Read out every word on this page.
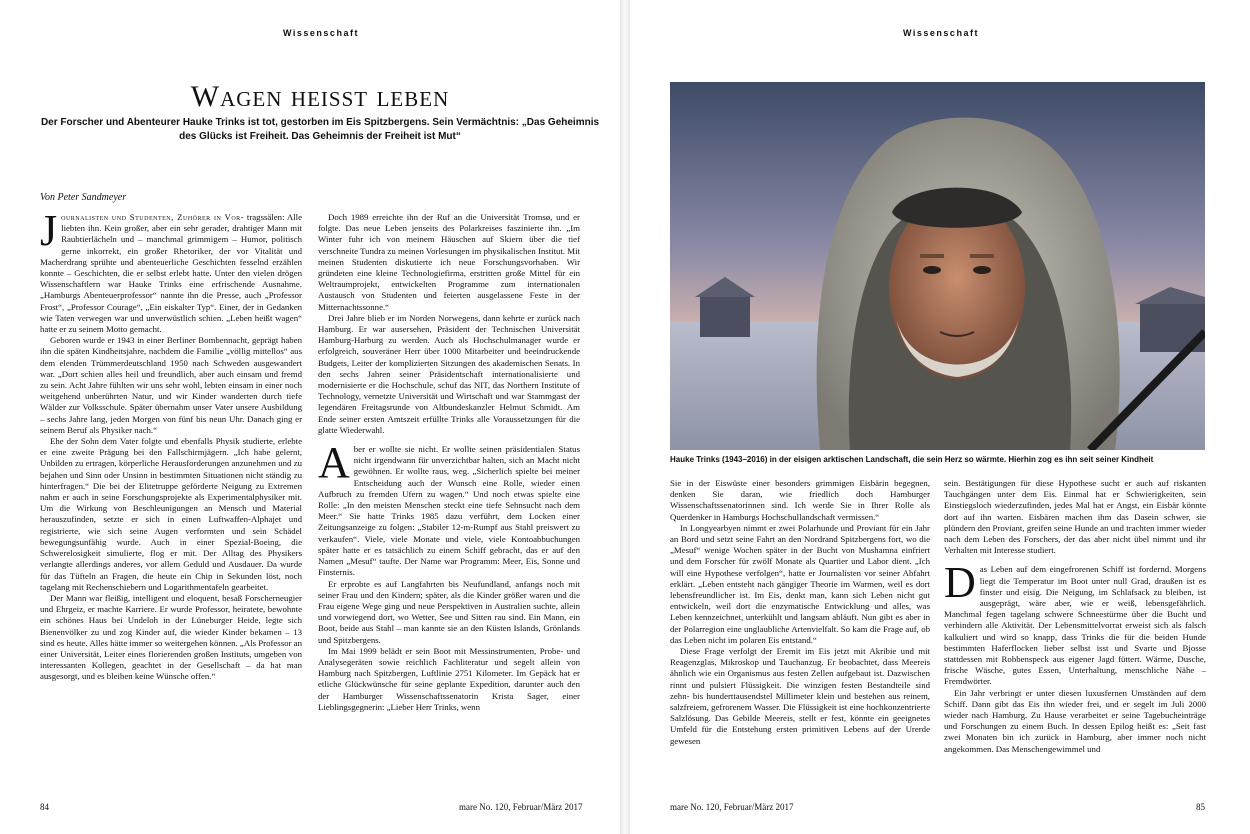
Wissenschaft
Wagen heisst leben
Der Forscher und Abenteurer Hauke Trinks ist tot, gestorben im Eis Spitzbergens. Sein Vermächtnis: „Das Geheimnis des Glücks ist Freiheit. Das Geheimnis der Freiheit ist Mut“
Von Peter Sandmeyer

Journalisten und Studenten, Zuhörer in Vor- tragssälen: Alle liebten ihn. Kein großer, aber ein sehr gerader, drahtiger Mann mit Raubtierlächeln und – manchmal grimmigem – Humor, politisch gerne inkorrekt, ein großer Rhetoriker, der vor Vitalität und Macherdrang sprühte und abenteuerliche Geschichten fesselnd erzählen konnte – Geschichten, die er selbst erlebt hatte. Unter den vielen drögen Wissenschaftlern war Hauke Trinks eine erfrischende Ausnahme. „Hamburgs Abenteuerprofessor“ nannte ihn die Presse, auch „Professor Frost“, „Professor Courage“, „Ein eiskalter Typ“. Einer, der in Gedanken wie Taten verwegen war und unverwüstlich schien. „Leben heißt wagen“ hatte er zu seinem Motto gemacht.

Geboren wurde er 1943 in einer Berliner Bombennacht, geprägt haben ihn die späten Kindheitsjahre, nachdem die Familie „völlig mittellos“ aus dem elenden Trümmerdeutschland 1950 nach Schweden ausgewandert war. „Dort schien alles heil und freundlich, aber auch einsam und fremd zu sein. Acht Jahre fühlten wir uns sehr wohl, lebten einsam in einer noch weitgehend unberührten Natur, und wir Kinder wanderten durch tiefe Wälder zur Volksschule. Später übernahm unser Vater unsere Ausbildung – sechs Jahre lang, jeden Morgen von fünf bis neun Uhr. Danach ging er seinem Beruf als Physiker nach.“

Ehe der Sohn dem Vater folgte und ebenfalls Physik studierte, erlebte er eine zweite Prägung bei den Fallschirmjägern. „Ich habe gelernt, Unbilden zu ertragen, körperliche Herausforderungen anzunehmen und zu bejahen und Sinn oder Unsinn in bestimmten Situationen nicht ständig zu hinterfragen.“ Die bei der Elitetruppe geförderte Neigung zu Extremen nahm er auch in seine Forschungsprojekte als Experimentalphysiker mit. Um die Wirkung von Beschleunigungen an Mensch und Material herauszufinden, setzte er sich in einen Luftwaffen-Alphajet und registrierte, wie sich seine Augen verformten und sein Schädel bewegungsunfähig wurde. Auch in einer Spezial-Boeing, die Schwerelosigkeit simulierte, flog er mit. Der Alltag des Physikers verlangte allerdings anderes, vor allem Geduld und Ausdauer. Da wurde für das Tüfteln an Fragen, die heute ein Chip in Sekunden löst, noch tagelang mit Rechenschiebern und Logarithmentafeln gearbeitet.

Der Mann war fleißig, intelligent und eloquent, besaß Forscherneugier und Ehrgeiz, er machte Karriere. Er wurde Professor, heiratete, bewohnte ein schönes Haus bei Undeloh in der Lüneburger Heide, legte sich Bienenvölker zu und zog Kinder auf, die wieder Kinder bekamen – 13 sind es heute. Alles hätte immer so weitergehen können. „Als Professor an einer Universität, Leiter eines florierenden großen Instituts, umgeben von interessanten Kollegen, geachtet in der Gesellschaft – da hat man ausgesorgt, und es bleiben keine Wünsche offen.“

Doch 1989 erreichte ihn der Ruf an die Universität Tromsø, und er folgte. Das neue Leben jenseits des Polarkreises faszinierte ihn. „Im Winter fuhr ich von meinem Häuschen auf Skiern über die tief verschneite Tundra zu meinen Vorlesungen im physikalischen Institut. Mit meinen Studenten diskutierte ich neue Forschungsvorhaben. Wir gründeten eine kleine Technologiefirma, erstritten große Mittel für ein Weltraumprojekt, entwickelten Programme zum internationalen Austausch von Studenten und feierten ausgelassene Feste in der Mitternachtssonne.“

Drei Jahre blieb er im Norden Norwegens, dann kehrte er zurück nach Hamburg. Er war ausersehen, Präsident der Technischen Universität Hamburg-Harburg zu werden. Auch als Hochschulmanager wurde er erfolgreich, souveräner Herr über 1000 Mitarbeiter und beeindruckende Budgets, Leiter der komplizierten Sitzungen des akademischen Senats. In den sechs Jahren seiner Präsidentschaft internationalisierte und modernisierte er die Hochschule, schuf das NIT, das Northern Institute of Technology, vernetzte Universität und Wirtschaft und war Stammgast der legendären Freitagsrunde von Altbundeskanzler Helmut Schmidt. Am Ende seiner ersten Amtszeit erfüllte Trinks alle Voraussetzungen für die glatte Wiederwahl.

Aber er wollte sie nicht. Er wollte seinen präsidentialen Status nicht irgendwann für unverzichtbar halten, sich an Macht nicht gewöhnen. Er wollte raus, weg. „Sicherlich spielte bei meiner Entscheidung auch der Wunsch eine Rolle, wieder einen Aufbruch zu fremden Ufern zu wagen.“ Und noch etwas spielte eine Rolle: „In den meisten Menschen steckt eine tiefe Sehnsucht nach dem Meer.“ Sie hatte Trinks 1985 dazu verführt, dem Locken einer Zeitungsanzeige zu folgen: „Stabiler 12-m-Rumpf aus Stahl preiswert zu verkaufen“. Viele, viele Monate und viele, viele Kontoabbuchungen später hatte er es tatsächlich zu einem Schiff gebracht, das er auf den Namen „Mesuf“ taufte. Der Name war Programm: Meer, Eis, Sonne und Finsternis.

Er erprobte es auf Langfahrten bis Neufundland, anfangs noch mit seiner Frau und den Kindern; später, als die Kinder größer waren und die Frau eigene Wege ging und neue Perspektiven in Australien suchte, allein und vorwiegend dort, wo Wetter, See und Sitten rau sind. Ein Mann, ein Boot, beide aus Stahl – man kannte sie an den Küsten Islands, Grönlands und Spitzbergens.

Im Mai 1999 belädt er sein Boot mit Messinstrumenten, Probe- und Analysegeräten sowie reichlich Fachliteratur und segelt allein von Hamburg nach Spitzbergen, Luftlinie 2751 Kilometer. Im Gepäck hat er etliche Glückwünsche für seine geplante Expedition, darunter auch den der Hamburger Wissenschaftssenatorin Krista Sager, einer Lieblingsgegnerin: „Lieber Herr Trinks, wenn

84	mare No. 120, Februar/März 2017
Wissenschaft
Hauke Trinks (1943–2016) in der eisigen arktischen Landschaft, die sein Herz so wärmte. Hierhin zog es ihn seit seiner Kindheit

Sie in der Eiswüste einer besonders grimmigen Eisbärin begegnen, denken Sie daran, wie friedlich doch Hamburger Wissenschaftssenatorinnen sind. Ich werde Sie in Ihrer Rolle als Querdenker in Hamburgs Hochschullandschaft vermissen.“

In Longyearbyen nimmt er zwei Polarhunde und Proviant für ein Jahr an Bord und setzt seine Fahrt an den Nordrand Spitzbergens fort, wo die „Mesuf“ wenige Wochen später in der Bucht von Mushamna einfriert und dem Forscher für zwölf Monate als Quartier und Labor dient. „Ich will eine Hypothese verfolgen“, hatte er Journalisten vor seiner Abfahrt erklärt. „Leben entsteht nach gängiger Theorie im Warmen, weil es dort lebensfreundlicher ist. Im Eis, denkt man, kann sich Leben nicht gut entwickeln, weil dort die enzymatische Entwicklung und alles, was Leben kennzeichnet, unterkühlt und langsam abläuft. Nun gibt es aber in der Polarregion eine unglaubliche Artenvielfalt. So kam die Frage auf, ob das Leben nicht im polaren Eis entstand.“

Diese Frage verfolgt der Eremit im Eis jetzt mit Akribie und mit Reagenzglas, Mikroskop und Tauchanzug. Er beobachtet, dass Meereis ähnlich wie ein Organismus aus festen Zellen aufgebaut ist. Dazwischen rinnt und pulsiert Flüssigkeit. Die winzigen festen Bestandteile sind zehn- bis hunderttausendstel Millimeter klein und bestehen aus reinem, salzfreiem, gefrorenem Wasser. Die Flüssigkeit ist eine hochkonzentrierte Salzlösung. Das Gebilde Meereis, stellt er fest, könnte ein geeignetes Umfeld für die Entstehung ersten primitiven Lebens auf der Urerde gewesen

sein. Bestätigungen für diese Hypothese sucht er auch auf riskanten Tauchgängen unter dem Eis. Einmal hat er Schwierigkeiten, sein Einstiegsloch wiederzufinden, jedes Mal hat er Angst, ein Eisbär könnte dort auf ihn warten. Eisbären machen ihm das Dasein schwer, sie plündern den Proviant, greifen seine Hunde an und trachten immer wieder nach dem Leben des Forschers, der das aber nicht übel nimmt und ihr Verhalten mit Interesse studiert.

Das Leben auf dem eingefrorenen Schiff ist fordernd. Morgens liegt die Temperatur im Boot unter null Grad, draußen ist es finster und eisig. Die Neigung, im Schlafsack zu bleiben, ist ausgeprägt, wäre aber, wie er weiß, lebensgefährlich. Manchmal fegen tagelang schwere Schneestürme über die Bucht und verhindern alle Aktivität. Der Lebensmittelvorrat erweist sich als falsch kalkuliert und wird so knapp, dass Trinks die für die beiden Hunde bestimmten Haferflocken lieber selbst isst und Svarte und Bjosse stattdessen mit Robbenspeck aus eigener Jagd füttert. Wärme, Dusche, frische Wäsche, gutes Essen, Unterhaltung, menschliche Nähe – Fremdwörter.

Ein Jahr verbringt er unter diesen luxusfernen Umständen auf dem Schiff. Dann gibt das Eis ihn wieder frei, und er segelt im Juli 2000 wieder nach Hamburg. Zu Hause verarbeitet er seine Tagebucheinträge und Forschungen zu einem Buch. In dessen Epilog heißt es: „Seit fast zwei Monaten bin ich zurück in Hamburg, aber immer noch nicht angekommen. Das Menschengewimmel und

mare No. 120, Februar/März 2017	85
